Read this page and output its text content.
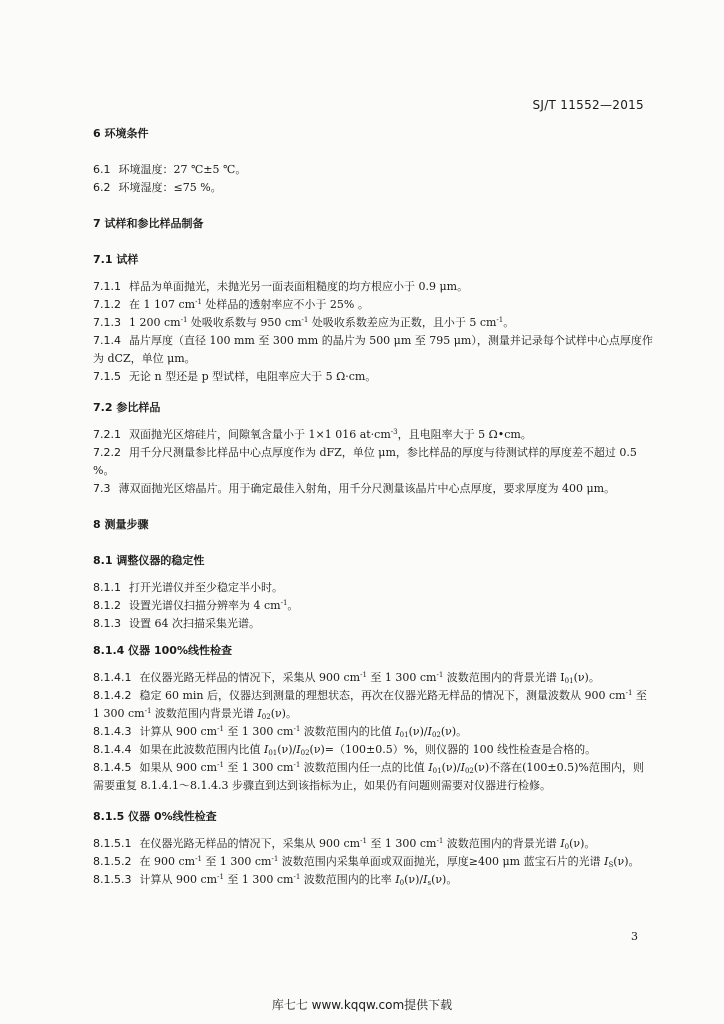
SJ/T 11552—2015
6 环境条件
6.1 环境温度：27 ℃±5 ℃。
6.2 环境湿度：≤75 %。
7 试样和参比样品制备
7.1 试样
7.1.1 样品为单面抛光，未抛光另一面表面粗糙度的均方根应小于 0.9 μm。
7.1.2 在 1 107 $cm^{-1}$ 处样品的透射率应不小于 25% 。
7.1.3 1 200 $cm^{-1}$ 处吸收系数与 950 $cm^{-1}$ 处吸收系数差应为正数，且小于 5 $cm^{-1}$。
7.1.4 晶片厚度（直径 100 mm 至 300 mm 的晶片为 500 μm 至 795 μm），测量并记录每个试样中心点厚度作为 dCZ，单位 μm。
7.1.5 无论 n 型还是 p 型试样，电阻率应大于 5 Ω·cm。
7.2 参比样品
7.2.1 双面抛光区熔硅片，间隙氧含量小于 1×1 016 $at\cdot cm^{-3}$，且电阻率大于 5 Ω•cm。
7.2.2 用千分尺测量参比样品中心点厚度作为 dFZ，单位 μm，参比样品的厚度与待测试样的厚度差不超过 0.5 %。
7.3 薄双面抛光区熔晶片。用于确定最佳入射角，用千分尺测量该晶片中心点厚度，要求厚度为 400 μm。
8 测量步骤
8.1 调整仪器的稳定性
8.1.1 打开光谱仪并至少稳定半小时。
8.1.2 设置光谱仪扫描分辨率为 4 $cm^{-1}$。
8.1.3 设置 64 次扫描采集光谱。
8.1.4 仪器 100%线性检查
8.1.4.1 在仪器光路无样品的情况下，采集从 900 $cm^{-1}$ 至 1 300 $cm^{-1}$ 波数范围内的背景光谱 $I_{01}(\nu)$。
8.1.4.2 稳定 60 min 后，仪器达到测量的理想状态，再次在仪器光路无样品的情况下，测量波数从 900 $cm^{-1}$ 至 1 300 $cm^{-1}$ 波数范围内背景光谱 $I_{02}(\nu)$。
8.1.4.3 计算从 900 $cm^{-1}$ 至 1 300 $cm^{-1}$ 波数范围内的比值 $I_{01}(\nu)/I_{02}(\nu)$。
8.1.4.4 如果在此波数范围内比值 $I_{01}(\nu)/I_{02}(\nu)=(100\pm 0.5)\%$，则仪器的 100 线性检查是合格的。
8.1.4.5 如果从 900 $cm^{-1}$ 至 1 300 $cm^{-1}$ 波数范围内任一点的比值 $I_{01}(\nu)/I_{02}(\nu)$不落在(100±0.5)%范围内，则需要重复 8.1.4.1～8.1.4.3 步骤直到达到该指标为止，如果仍有问题则需要对仪器进行检修。
8.1.5 仪器 0%线性检查
8.1.5.1 在仪器光路无样品的情况下，采集从 900 $cm^{-1}$ 至 1 300 $cm^{-1}$ 波数范围内的背景光谱 $I_0(\nu)$。
8.1.5.2 在 900 $cm^{-1}$ 至 1 300 $cm^{-1}$ 波数范围内采集单面或双面抛光，厚度≥400 μm 蓝宝石片的光谱 $I_S(\nu)$。
8.1.5.3 计算从 900 $cm^{-1}$ 至 1 300 $cm^{-1}$ 波数范围内的比率 $I_0(\nu)/I_s(\nu)$。
3
库七七 www.kqqw.com提供下载
